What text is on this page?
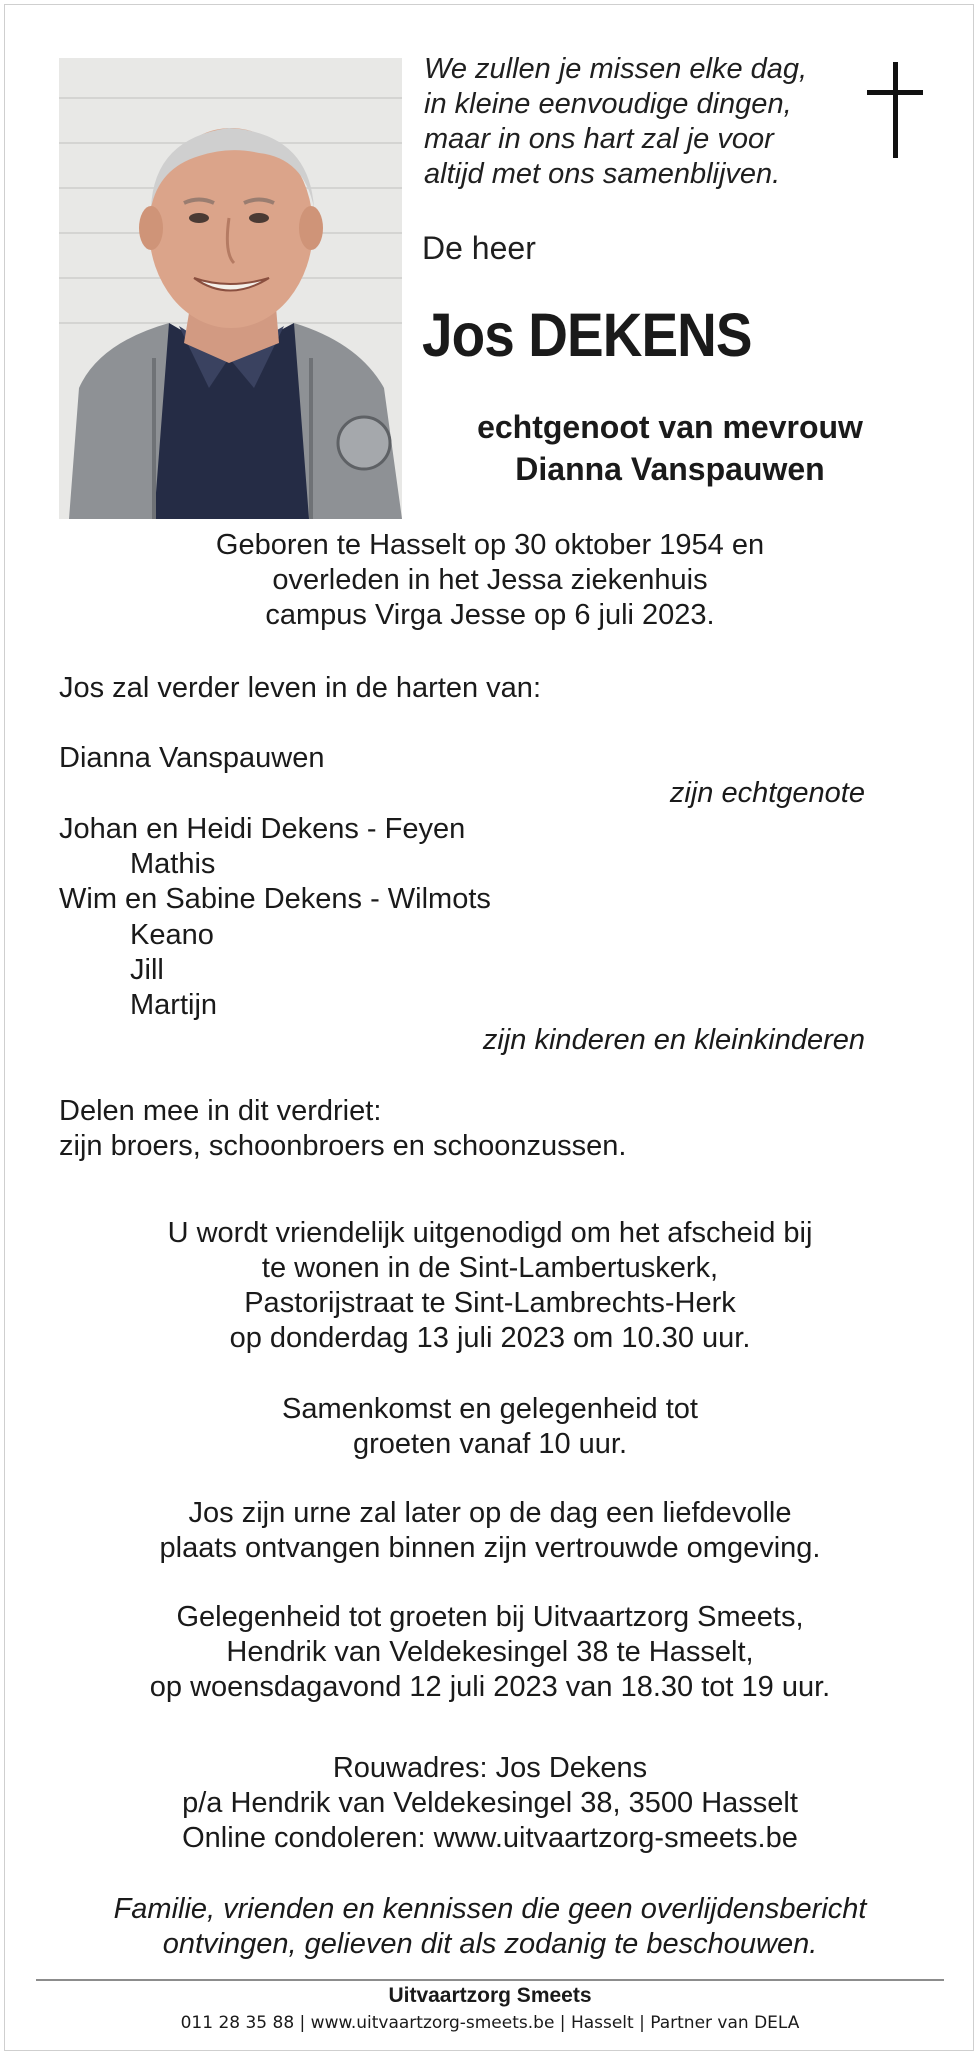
We zullen je missen elke dag,
in kleine eenvoudige dingen,
maar in ons hart zal je voor
altijd met ons samenblijven.
De heer
Jos DEKENS
echtgenoot van mevrouw
Dianna Vanspauwen
Geboren te Hasselt op 30 oktober 1954 en
overleden in het Jessa ziekenhuis
campus Virga Jesse op 6 juli 2023.
Jos zal verder leven in de harten van:
Dianna Vanspauwen
zijn echtgenote
Johan en Heidi Dekens - Feyen
Mathis
Wim en Sabine Dekens - Wilmots
Keano
Jill
Martijn
zijn kinderen en kleinkinderen
Delen mee in dit verdriet:
zijn broers, schoonbroers en schoonzussen.
U wordt vriendelijk uitgenodigd om het afscheid bij
te wonen in de Sint-Lambertuskerk,
Pastorijstraat te Sint-Lambrechts-Herk
op donderdag 13 juli 2023 om 10.30 uur.
Samenkomst en gelegenheid tot
groeten vanaf 10 uur.
Jos zijn urne zal later op de dag een liefdevolle
plaats ontvangen binnen zijn vertrouwde omgeving.
Gelegenheid tot groeten bij Uitvaartzorg Smeets,
Hendrik van Veldekesingel 38 te Hasselt,
op woensdagavond 12 juli 2023 van 18.30 tot 19 uur.
Rouwadres: Jos Dekens
p/a Hendrik van Veldekesingel 38, 3500 Hasselt
Online condoleren: www.uitvaartzorg-smeets.be
Familie, vrienden en kennissen die geen overlijdensbericht
ontvingen, gelieven dit als zodanig te beschouwen.
Uitvaartzorg Smeets
011 28 35 88 | www.uitvaartzorg-smeets.be | Hasselt | Partner van DELA
